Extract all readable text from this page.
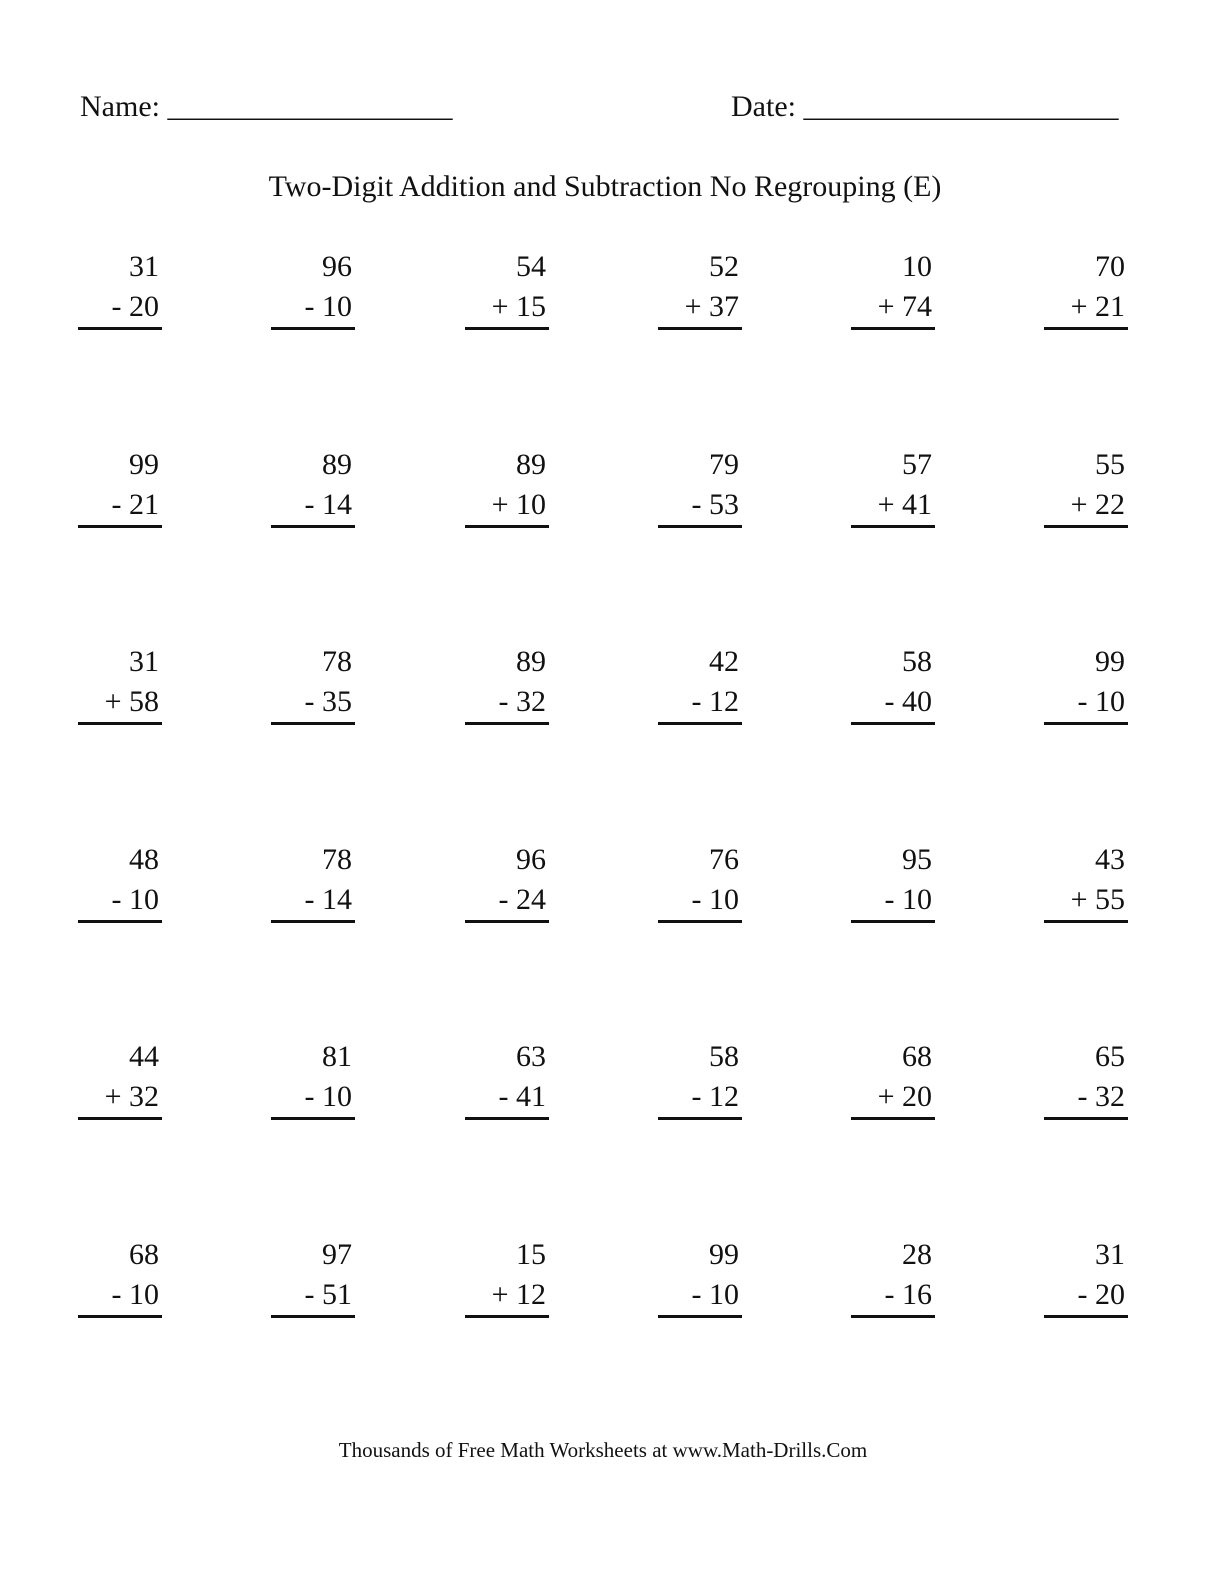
Name: ___________________	Date: _____________________
Two-Digit Addition and Subtraction No Regrouping (E)
31
- 20
96
- 10
54
+ 15
52
+ 37
10
+ 74
70
+ 21
99
- 21
89
- 14
89
+ 10
79
- 53
57
+ 41
55
+ 22
31
+ 58
78
- 35
89
- 32
42
- 12
58
- 40
99
- 10
48
- 10
78
- 14
96
- 24
76
- 10
95
- 10
43
+ 55
44
+ 32
81
- 10
63
- 41
58
- 12
68
+ 20
65
- 32
68
- 10
97
- 51
15
+ 12
99
- 10
28
- 16
31
- 20
Thousands of Free Math Worksheets at www.Math-Drills.Com
